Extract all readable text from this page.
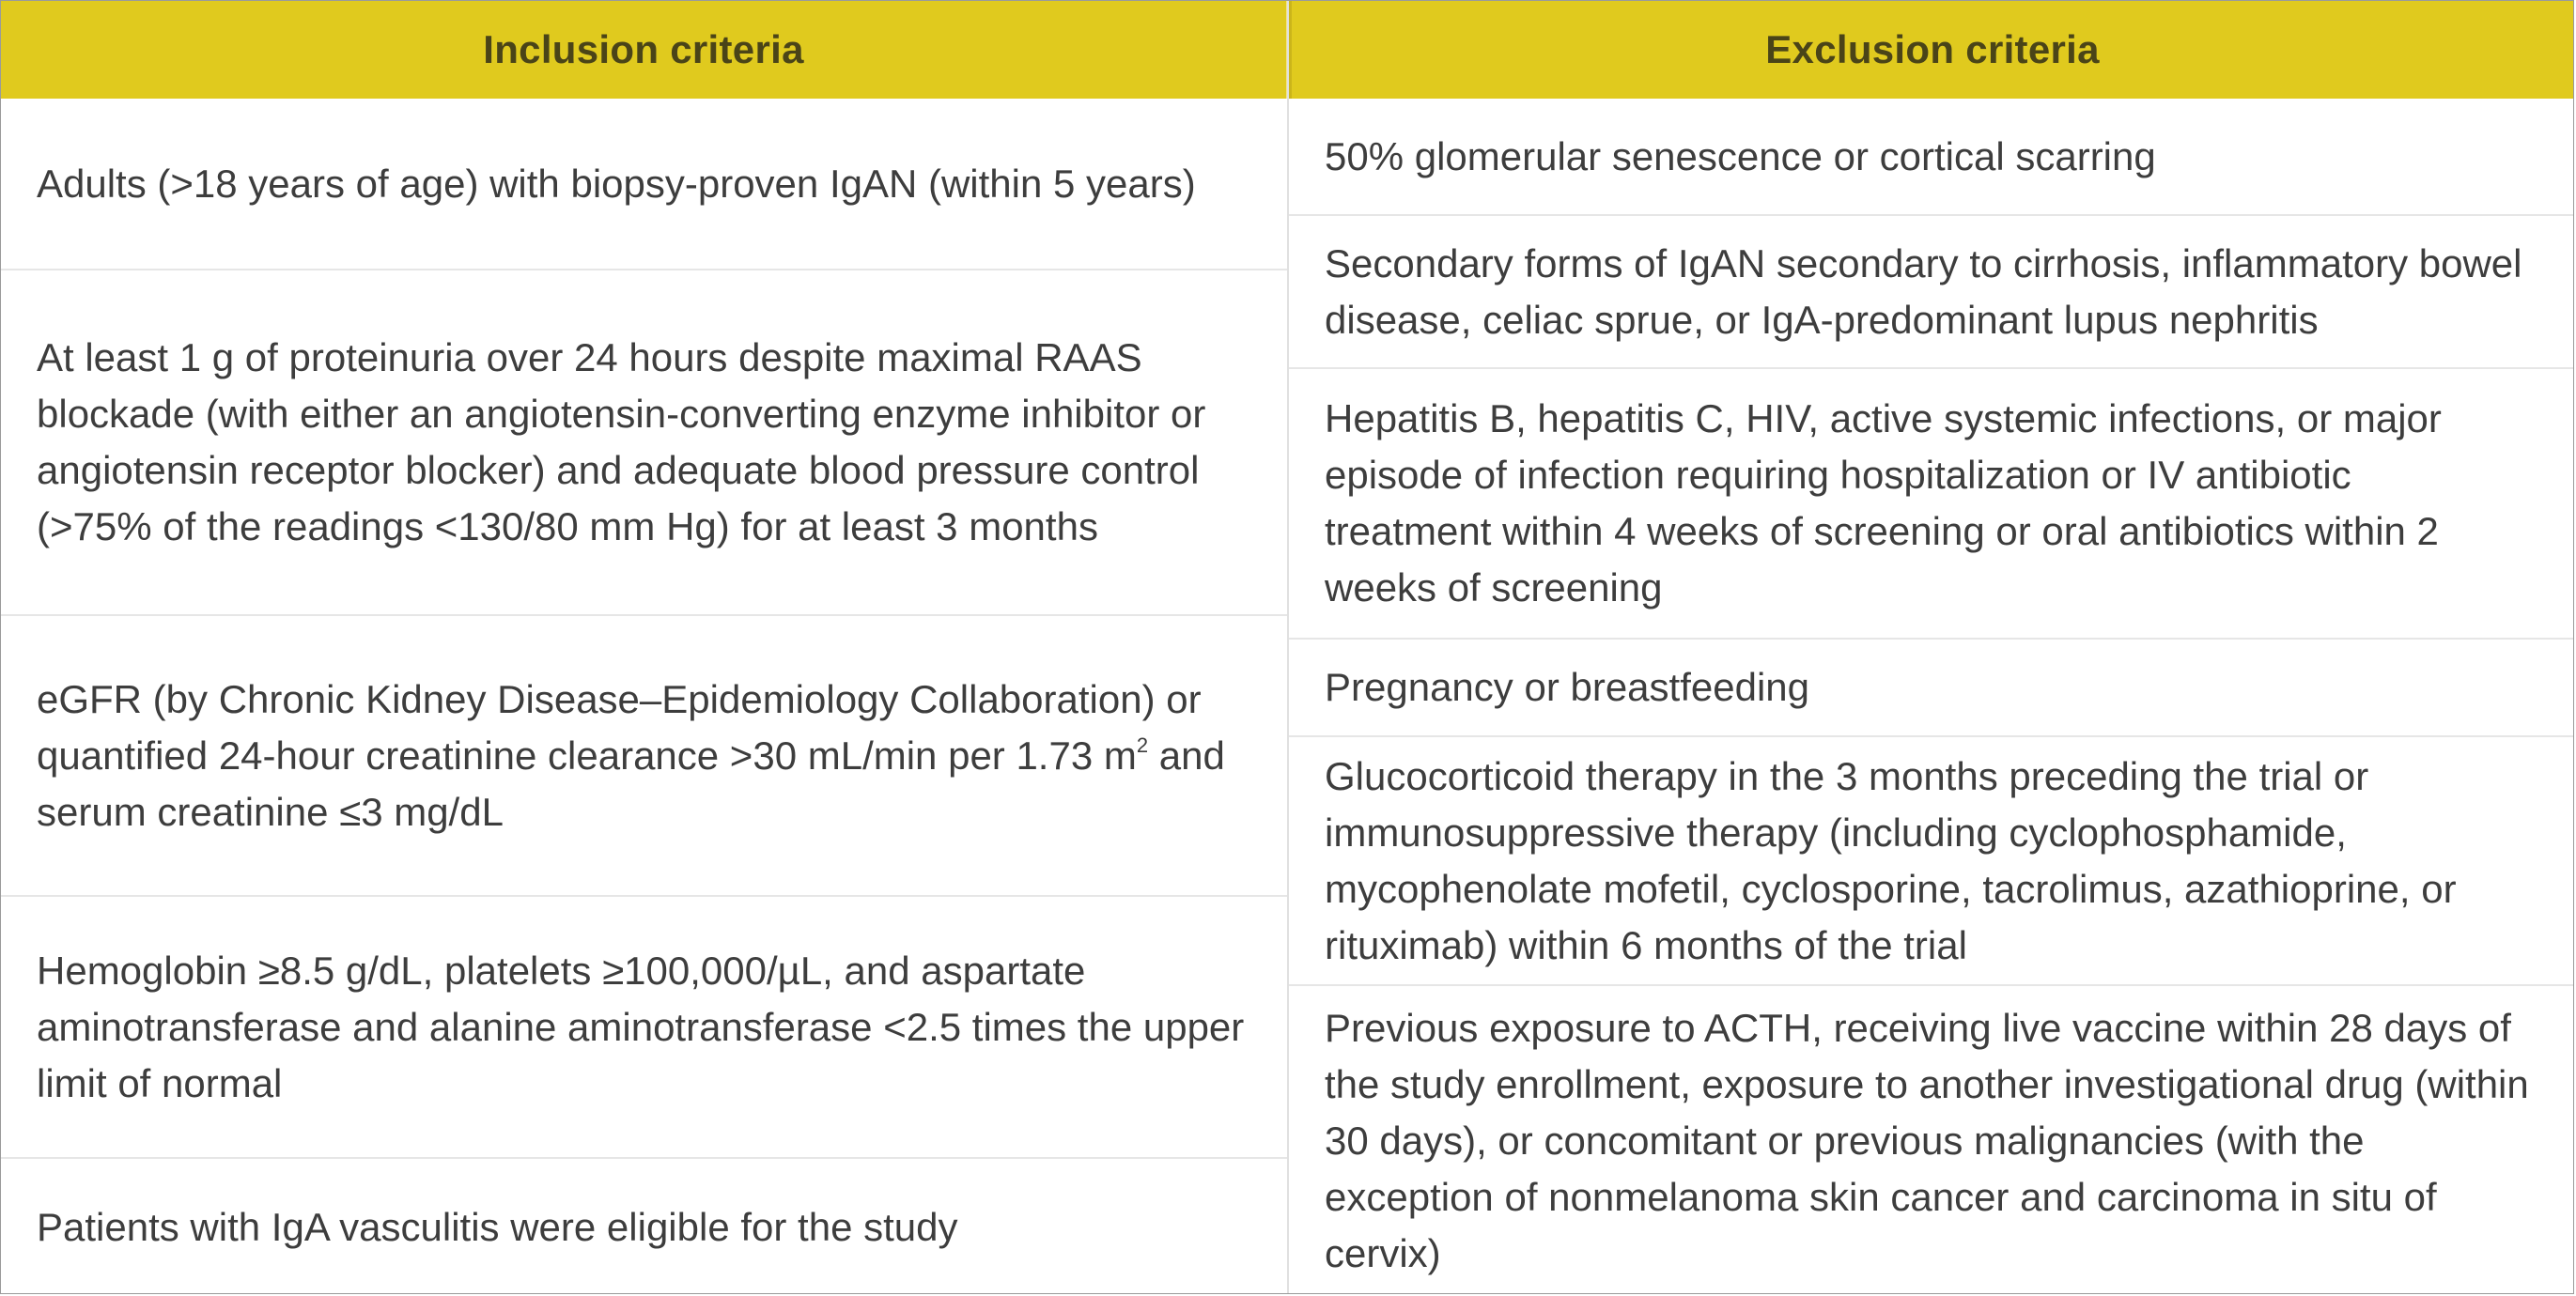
Inclusion criteria
Adults (>18 years of age) with biopsy-proven IgAN (within 5 years)
At least 1 g of proteinuria over 24 hours despite maximal RAAS blockade (with either an angiotensin-converting enzyme inhibitor or angiotensin receptor blocker) and adequate blood pressure control (>75% of the readings <130/80 mm Hg) for at least 3 months
eGFR (by Chronic Kidney Disease–Epidemiology Collaboration) or quantified 24-hour creatinine clearance >30 mL/min per 1.73 $m^2$ and serum creatinine ≤3 mg/dL
Hemoglobin ≥8.5 g/dL, platelets ≥100,000/µL, and aspartate aminotransferase and alanine aminotransferase <2.5 times the upper limit of normal
Patients with IgA vasculitis were eligible for the study
Exclusion criteria
50% glomerular senescence or cortical scarring
Secondary forms of IgAN secondary to cirrhosis, inflammatory bowel disease, celiac sprue, or IgA-predominant lupus nephritis
Hepatitis B, hepatitis C, HIV, active systemic infections, or major episode of infection requiring hospitalization or IV antibiotic treatment within 4 weeks of screening or oral antibiotics within 2 weeks of screening
Pregnancy or breastfeeding
Glucocorticoid therapy in the 3 months preceding the trial or immunosuppressive therapy (including cyclophosphamide, mycophenolate mofetil, cyclosporine, tacrolimus, azathioprine, or rituximab) within 6 months of the trial
Previous exposure to ACTH, receiving live vaccine within 28 days of the study enrollment, exposure to another investigational drug (within 30 days), or concomitant or previous malignancies (with the exception of nonmelanoma skin cancer and carcinoma in situ of cervix)
